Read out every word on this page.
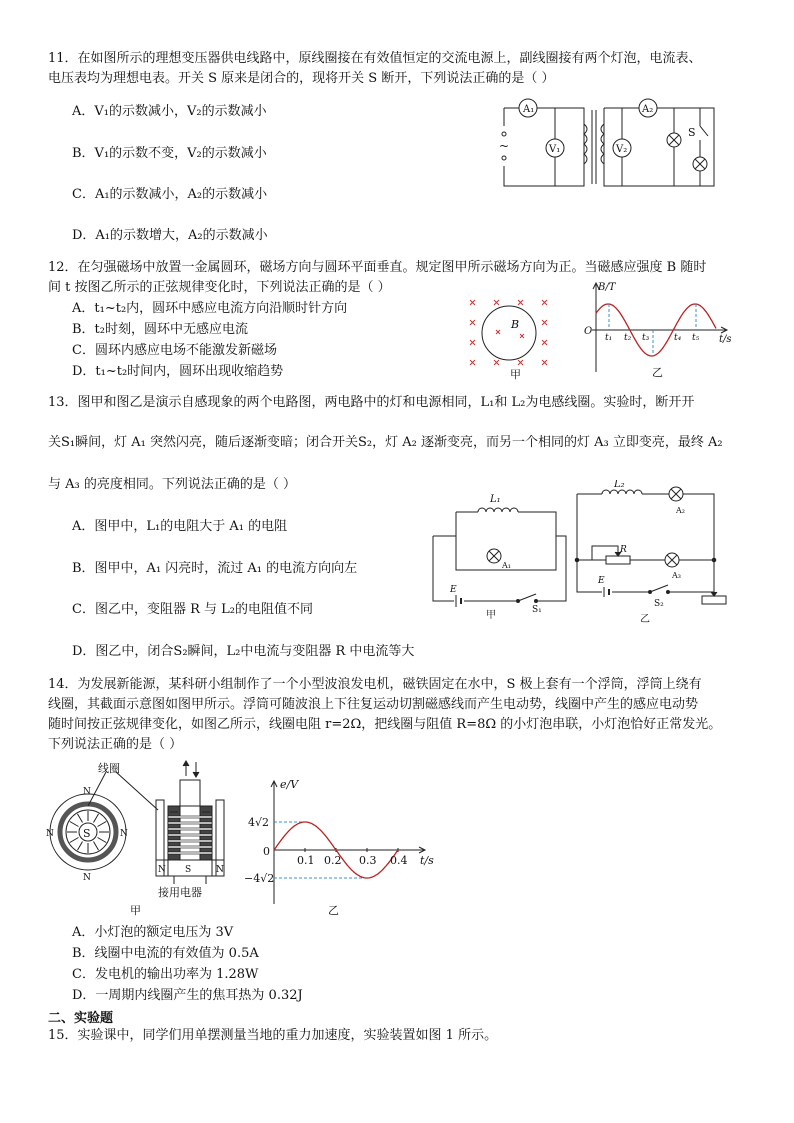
11．在如图所示的理想变压器供电线路中，原线圈接在有效值恒定的交流电源上，副线圈接有两个灯泡，电流表、
电压表均为理想电表。开关 S 原来是闭合的，现将开关 S 断开，下列说法正确的是（ ）
A．V₁的示数减小，V₂的示数减小
B．V₁的示数不变，V₂的示数减小
C．A₁的示数减小，A₂的示数减小
D．A₁的示数增大，A₂的示数减小
A₁
V₁
A₂
V₂
S
~
12．在匀强磁场中放置一金属圆环，磁场方向与圆环平面垂直。规定图甲所示磁场方向为正。当磁感应强度 B 随时
间 t 按图乙所示的正弦规律变化时，下列说法正确的是（ ）
A．t₁~t₂内，圆环中感应电流方向沿顺时针方向
B．t₂时刻，圆环中无感应电流
C．圆环内感应电场不能激发新磁场
D．t₁~t₂时间内，圆环出现收缩趋势
B
甲
B/T
O
t/s
t₁ t₂ t₃	t₄ t₅
乙
13．图甲和图乙是演示自感现象的两个电路图，两电路中的灯和电源相同，L₁和 L₂为电感线圈。实验时，断开开
关S₁瞬间，灯 A₁ 突然闪亮，随后逐渐变暗；闭合开关S₂，灯 A₂ 逐渐变亮，而另一个相同的灯 A₃ 立即变亮，最终 A₂
与 A₃ 的亮度相同。下列说法正确的是（ ）
A．图甲中，L₁的电阻大于 A₁ 的电阻
B．图甲中，A₁ 闪亮时，流过 A₁ 的电流方向向左
C．图乙中，变阻器 R 与 L₂的电阻值不同
D．图乙中，闭合S₂瞬间，L₂中电流与变阻器 R 中电流等大
L₁
A₁
E
S₁
甲
L₂
A₂
R
A₃
E
S₂
乙
14．为发展新能源，某科研小组制作了一个小型波浪发电机，磁铁固定在水中，S 极上套有一个浮筒，浮筒上绕有
线圈，其截面示意图如图甲所示。浮筒可随波浪上下往复运动切割磁感线而产生电动势，线圈中产生的感应电动势
随时间按正弦规律变化，如图乙所示，线圈电阻 r=2Ω，把线圈与阻值 R=8Ω 的小灯泡串联，小灯泡恰好正常发光。
下列说法正确的是（ ）
线圈
S
N
N
N	N
N S	N
接用电器
甲
e/V
4√2
0
−4√2
0.1 0.2 0.3 0.4 t/s
乙
A．小灯泡的额定电压为 3V
B．线圈中电流的有效值为 0.5A
C．发电机的输出功率为 1.28W
D．一周期内线圈产生的焦耳热为 0.32J
二、实验题
15．实验课中，同学们用单摆测量当地的重力加速度，实验装置如图 1 所示。
